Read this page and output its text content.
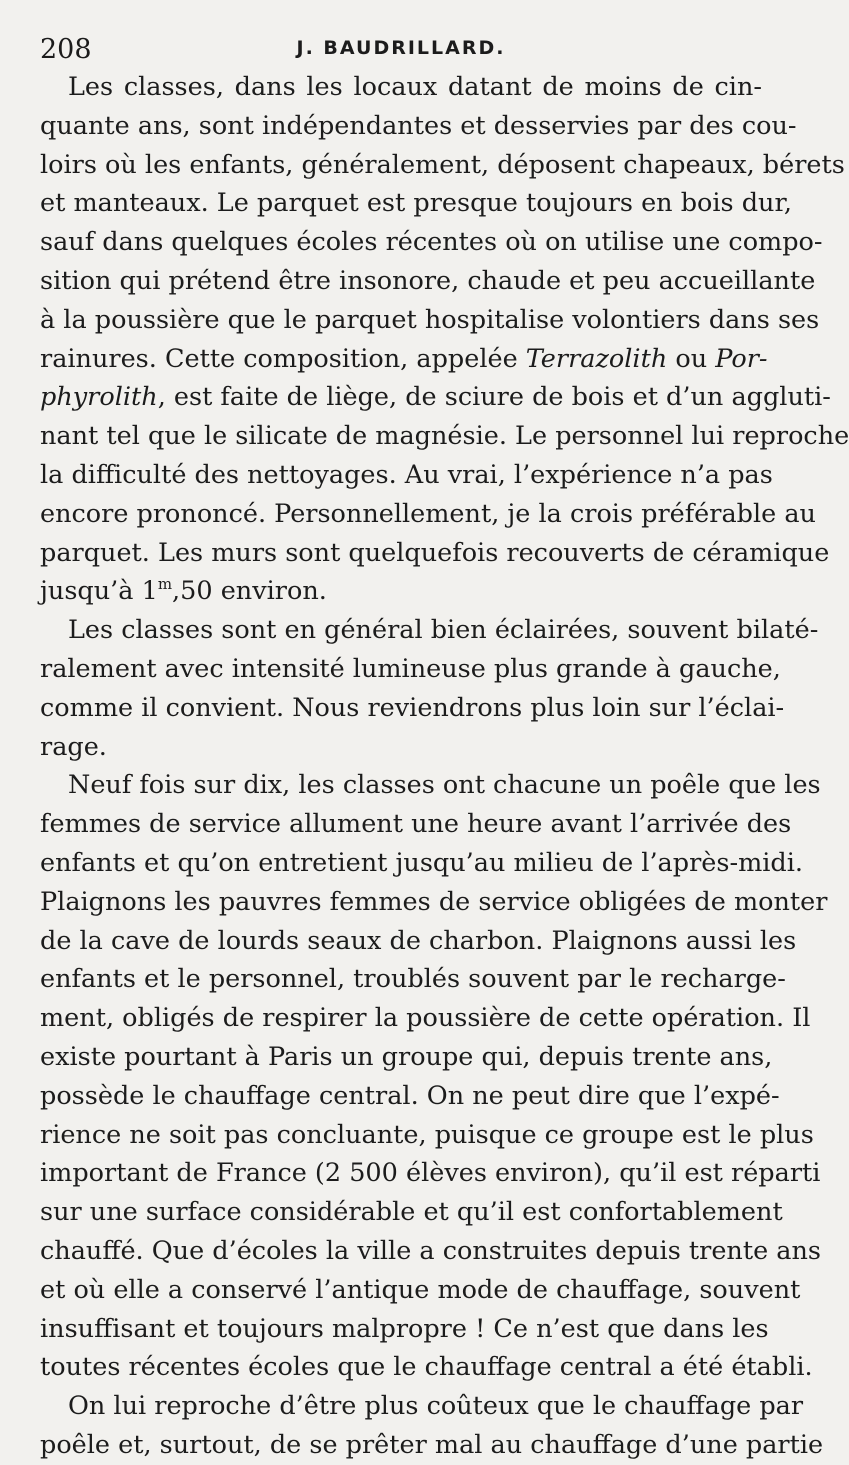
208	J. BAUDRILLARD.

Les classes, dans les locaux datant de moins de cin-
quante ans, sont indépendantes et desservies par des cou-
loirs où les enfants, généralement, déposent chapeaux, bérets
et manteaux. Le parquet est presque toujours en bois dur,
sauf dans quelques écoles récentes où on utilise une compo-
sition qui prétend être insonore, chaude et peu accueillante
à la poussière que le parquet hospitalise volontiers dans ses
rainures. Cette composition, appelée Terrazolith ou Por-
phyrolith, est faite de liège, de sciure de bois et d’un aggluti-
nant tel que le silicate de magnésie. Le personnel lui reproche
la difficulté des nettoyages. Au vrai, l’expérience n’a pas
encore prononcé. Personnellement, je la crois préférable au
parquet. Les murs sont quelquefois recouverts de céramique
jusqu’à 1$^m$,50 environ.

Les classes sont en général bien éclairées, souvent bilaté-
ralement avec intensité lumineuse plus grande à gauche,
comme il convient. Nous reviendrons plus loin sur l’éclai-
rage.

Neuf fois sur dix, les classes ont chacune un poêle que les
femmes de service allument une heure avant l’arrivée des
enfants et qu’on entretient jusqu’au milieu de l’après-midi.
Plaignons les pauvres femmes de service obligées de monter
de la cave de lourds seaux de charbon. Plaignons aussi les
enfants et le personnel, troublés souvent par le recharge-
ment, obligés de respirer la poussière de cette opération. Il
existe pourtant à Paris un groupe qui, depuis trente ans,
possède le chauffage central. On ne peut dire que l’expé-
rience ne soit pas concluante, puisque ce groupe est le plus
important de France (2 500 élèves environ), qu’il est réparti
sur une surface considérable et qu’il est confortablement
chauffé. Que d’écoles la ville a construites depuis trente ans
et où elle a conservé l’antique mode de chauffage, souvent
insuffisant et toujours malpropre ! Ce n’est que dans les
toutes récentes écoles que le chauffage central a été établi.

On lui reproche d’être plus coûteux que le chauffage par
poêle et, surtout, de se prêter mal au chauffage d’une partie
